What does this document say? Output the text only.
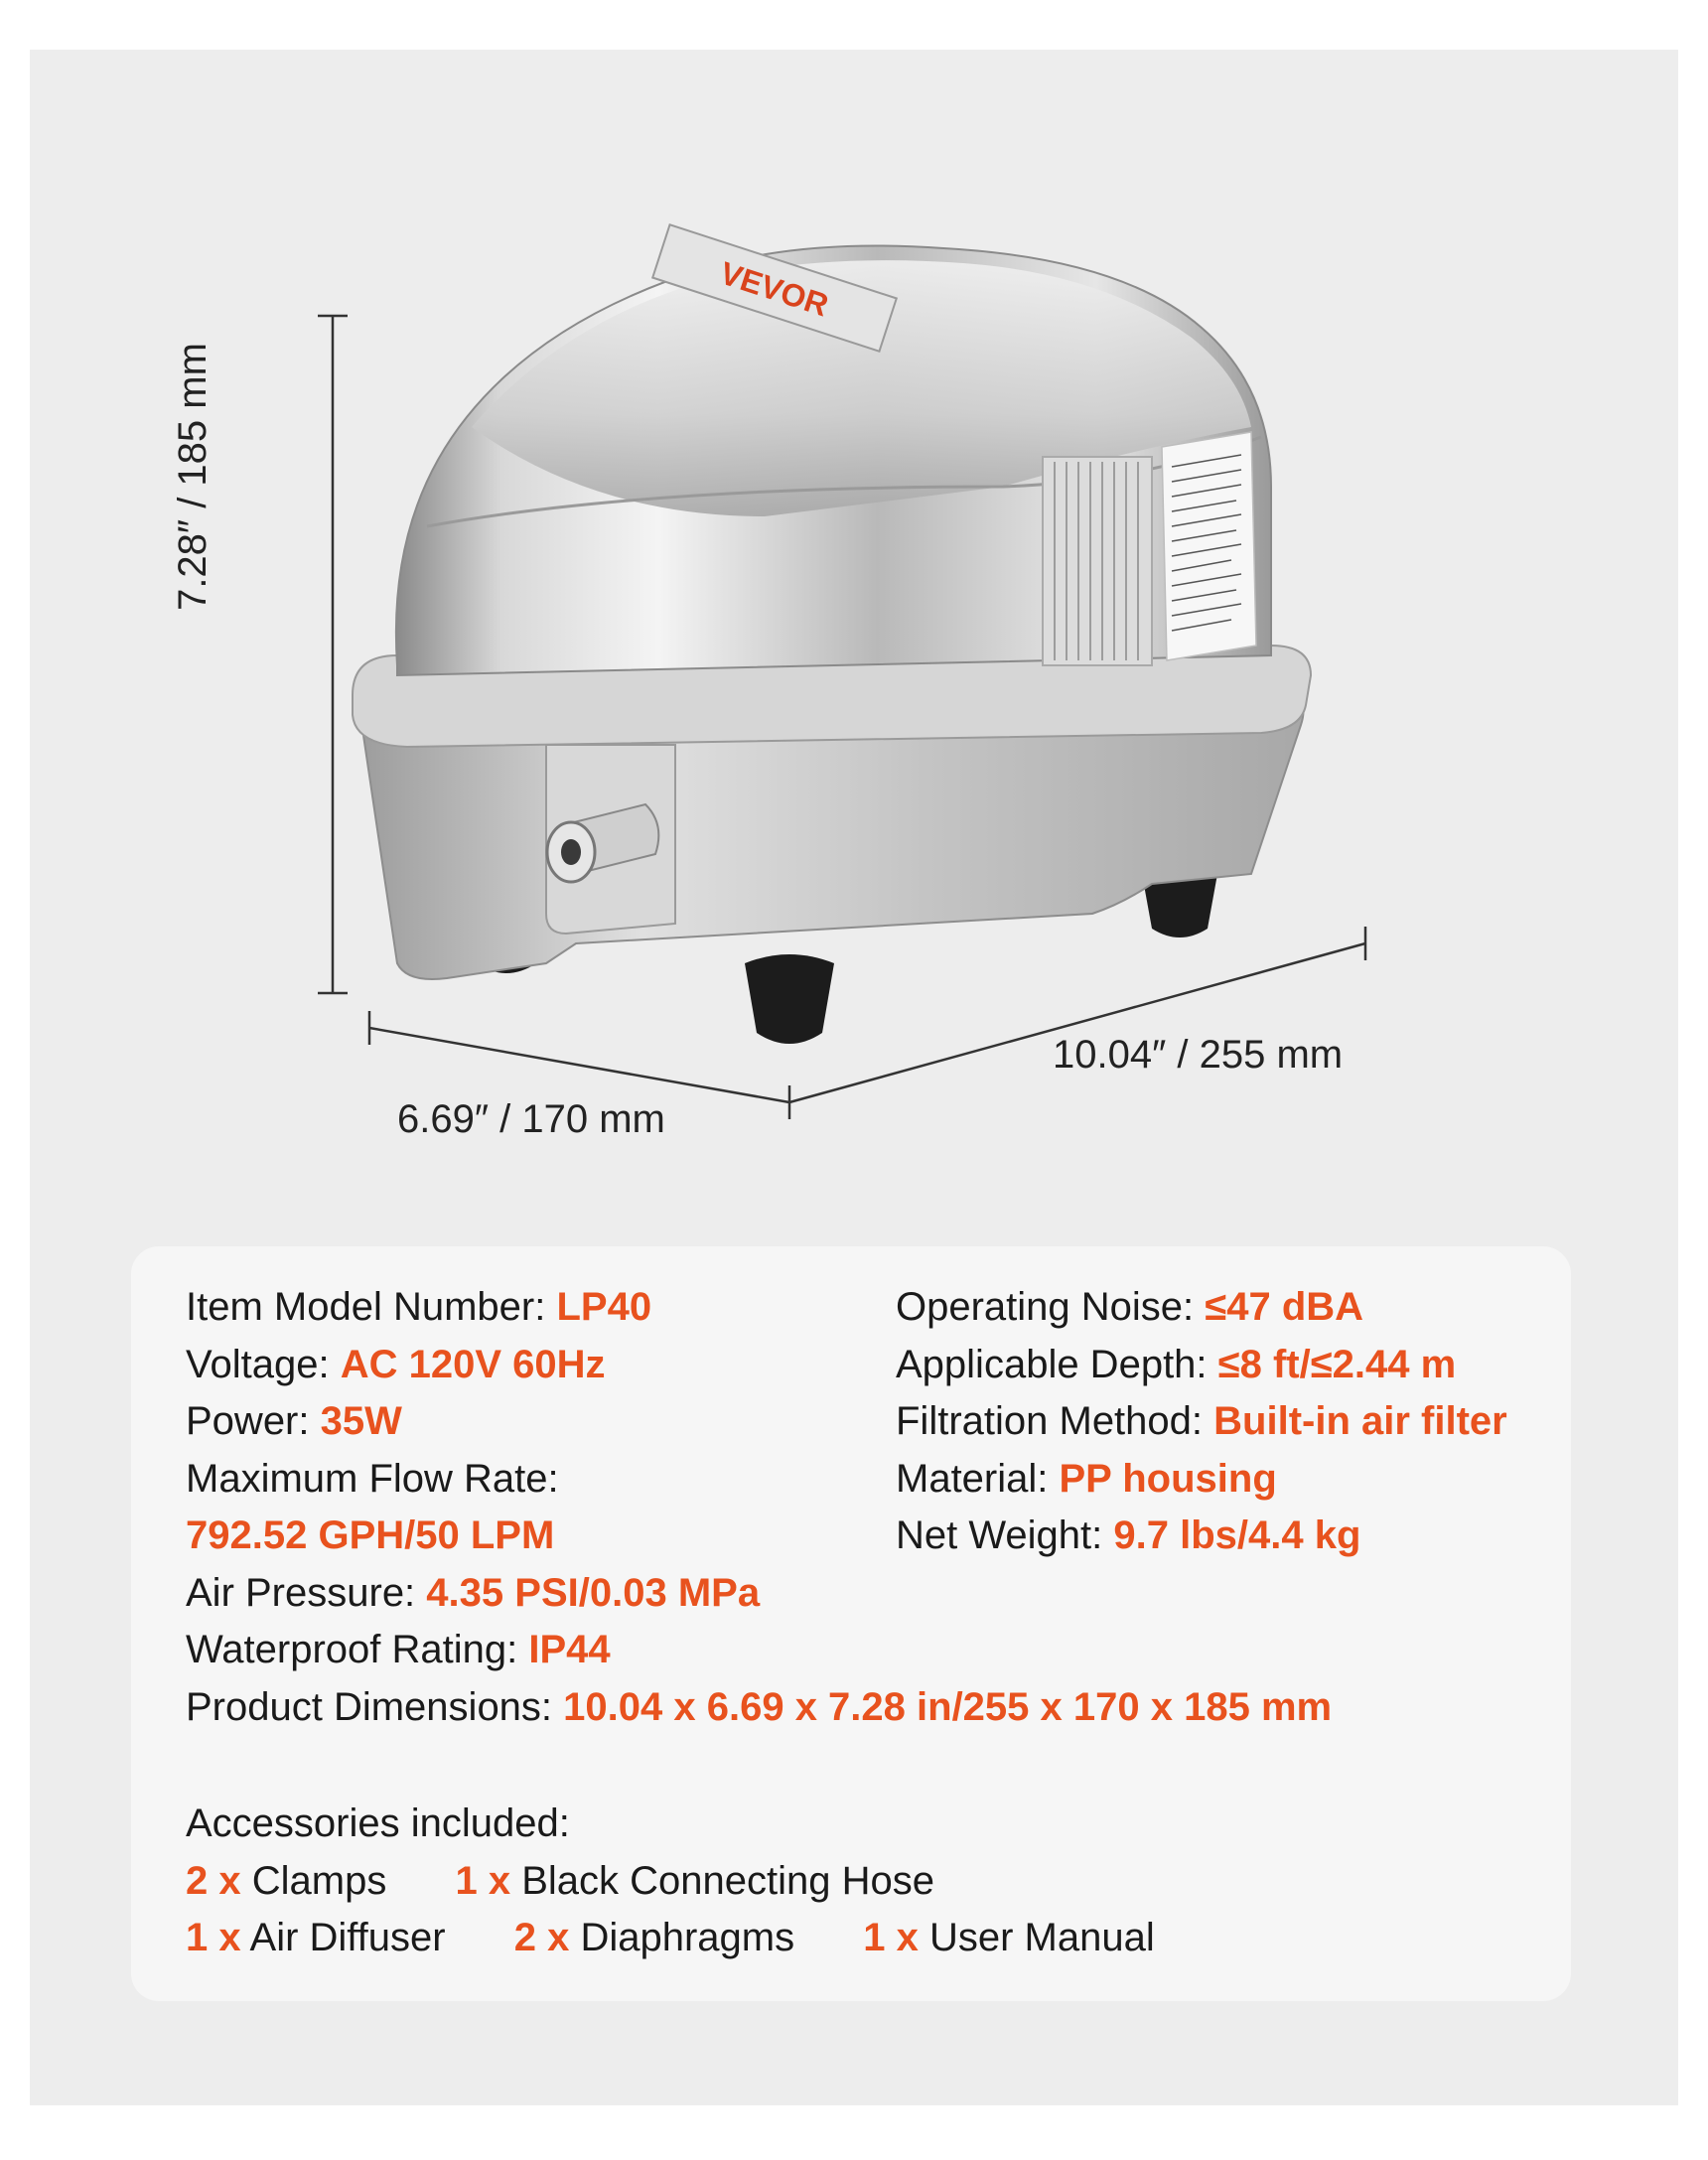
VEVOR
7.28″ / 185 mm
6.69″ / 170 mm
10.04″ / 255 mm
Item Model Number: LP40
Voltage: AC 120V 60Hz
Power: 35W
Maximum Flow Rate:
792.52 GPH/50 LPM
Air Pressure: 4.35 PSI/0.03 MPa
Waterproof Rating: IP44
Product Dimensions: 10.04 x 6.69 x 7.28 in/255 x 170 x 185 mm
Operating Noise: ≤47 dBA
Applicable Depth: ≤8 ft/≤2.44 m
Filtration Method: Built-in air filter
Material: PP housing
Net Weight: 9.7 lbs/4.4 kg
Accessories included:
2 x Clamps 1 x Black Connecting Hose
1 x Air Diffuser 2 x Diaphragms 1 x User Manual
